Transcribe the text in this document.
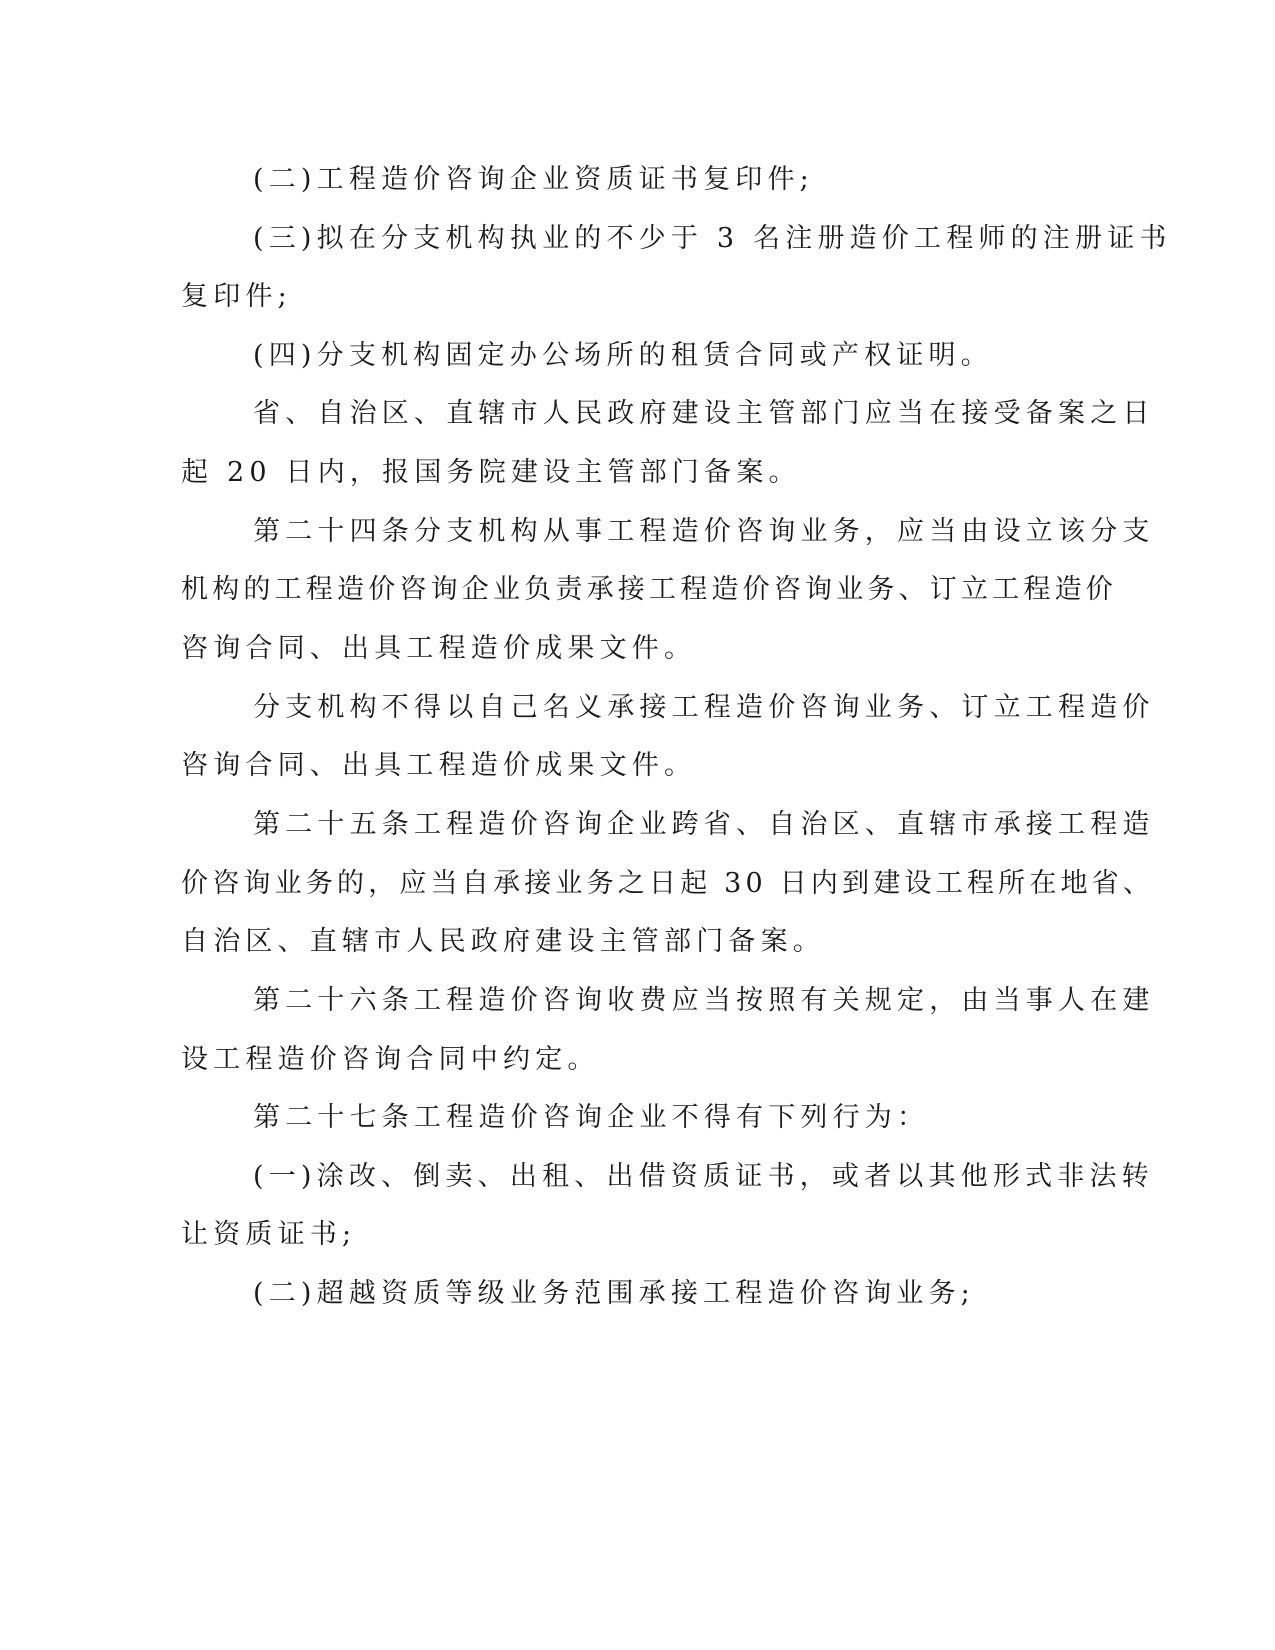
(二)工程造价咨询企业资质证书复印件;
(三)拟在分支机构执业的不少于 3 名注册造价工程师的注册证书
复印件;
(四)分支机构固定办公场所的租赁合同或产权证明。
省、自治区、直辖市人民政府建设主管部门应当在接受备案之日
起 20 日内，报国务院建设主管部门备案。
第二十四条分支机构从事工程造价咨询业务，应当由设立该分支
机构的工程造价咨询企业负责承接工程造价咨询业务、订立工程造价
咨询合同、出具工程造价成果文件。
分支机构不得以自己名义承接工程造价咨询业务、订立工程造价
咨询合同、出具工程造价成果文件。
第二十五条工程造价咨询企业跨省、自治区、直辖市承接工程造
价咨询业务的，应当自承接业务之日起 30 日内到建设工程所在地省、
自治区、直辖市人民政府建设主管部门备案。
第二十六条工程造价咨询收费应当按照有关规定，由当事人在建
设工程造价咨询合同中约定。
第二十七条工程造价咨询企业不得有下列行为：
(一)涂改、倒卖、出租、出借资质证书，或者以其他形式非法转
让资质证书;
(二)超越资质等级业务范围承接工程造价咨询业务;
